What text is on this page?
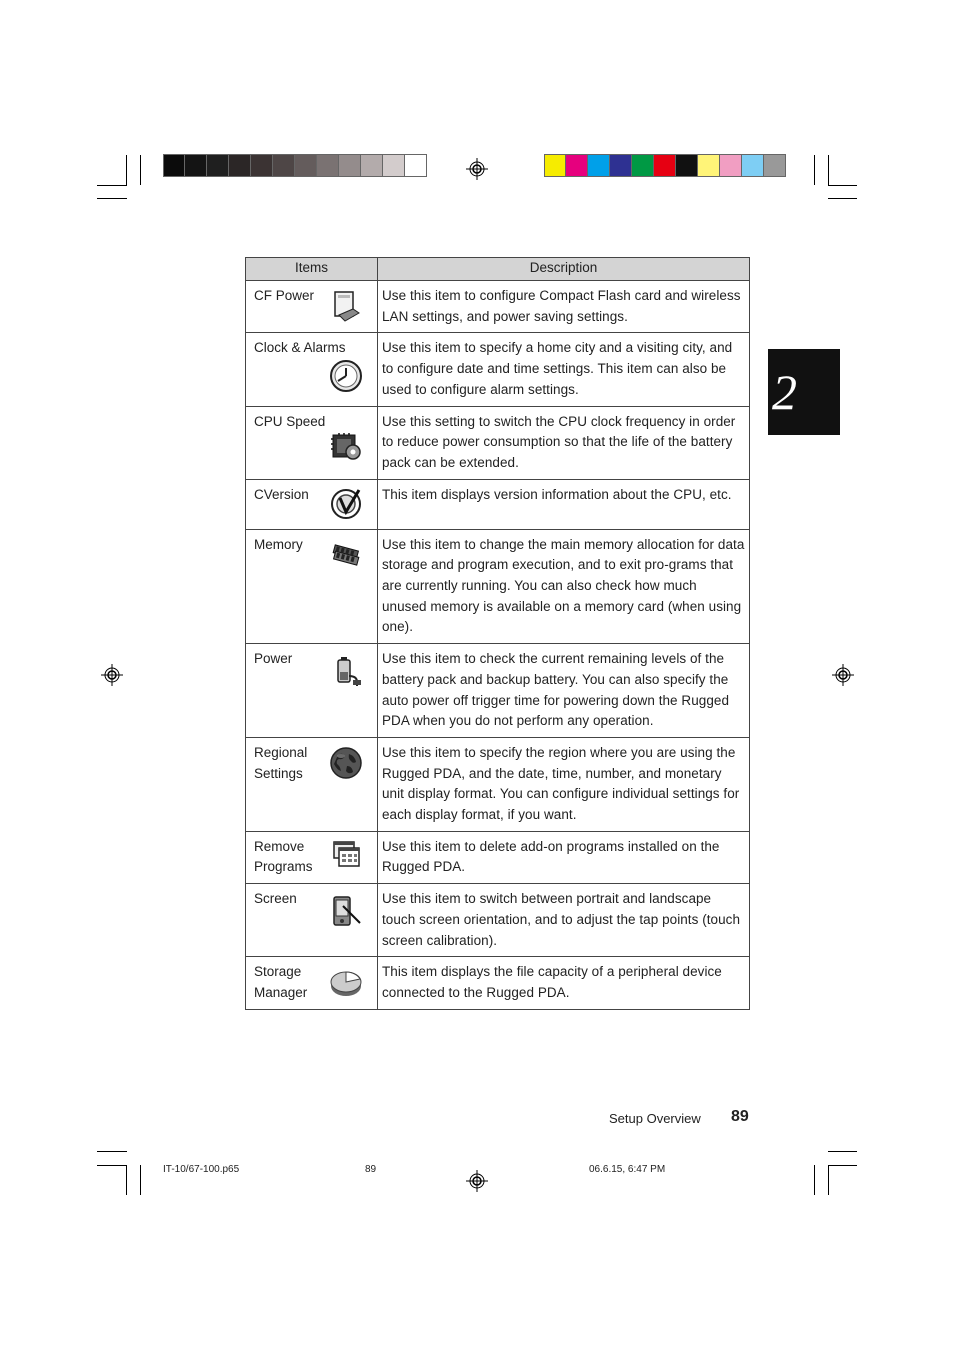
Items	Description

CF Power	Use this item to configure Compact Flash card and wireless LAN settings, and power saving settings.

Clock & Alarms	Use this item to specify a home city and a visiting city, and to configure date and time settings. This item can also be used to configure alarm settings.

CPU Speed	Use this setting to switch the CPU clock frequency in order to reduce power consumption so that the life of the battery pack can be extended.

CVersion	This item displays version information about the CPU, etc.

Memory	Use this item to change the main memory allocation for data storage and program execution, and to exit pro-grams that are currently running. You can also check how much unused memory is available on a memory card (when using one).

Power	Use this item to check the current remaining levels of the battery pack and backup battery. You can also specify the auto power off trigger time for powering down the Rugged PDA when you do not perform any operation.

Regional Settings	Use this item to specify the region where you are using the Rugged PDA, and the date, time, number, and monetary unit display format. You can configure individual settings for each display format, if you want.

Remove Programs	Use this item to delete add-on programs installed on the Rugged PDA.

Screen	Use this item to switch between portrait and landscape touch screen orientation, and to adjust the tap points (touch screen calibration).

Storage Manager	This item displays the file capacity of a peripheral device connected to the Rugged PDA.
2
Setup Overview 89
IT-10/67-100.p65	89	06.6.15, 6:47 PM
